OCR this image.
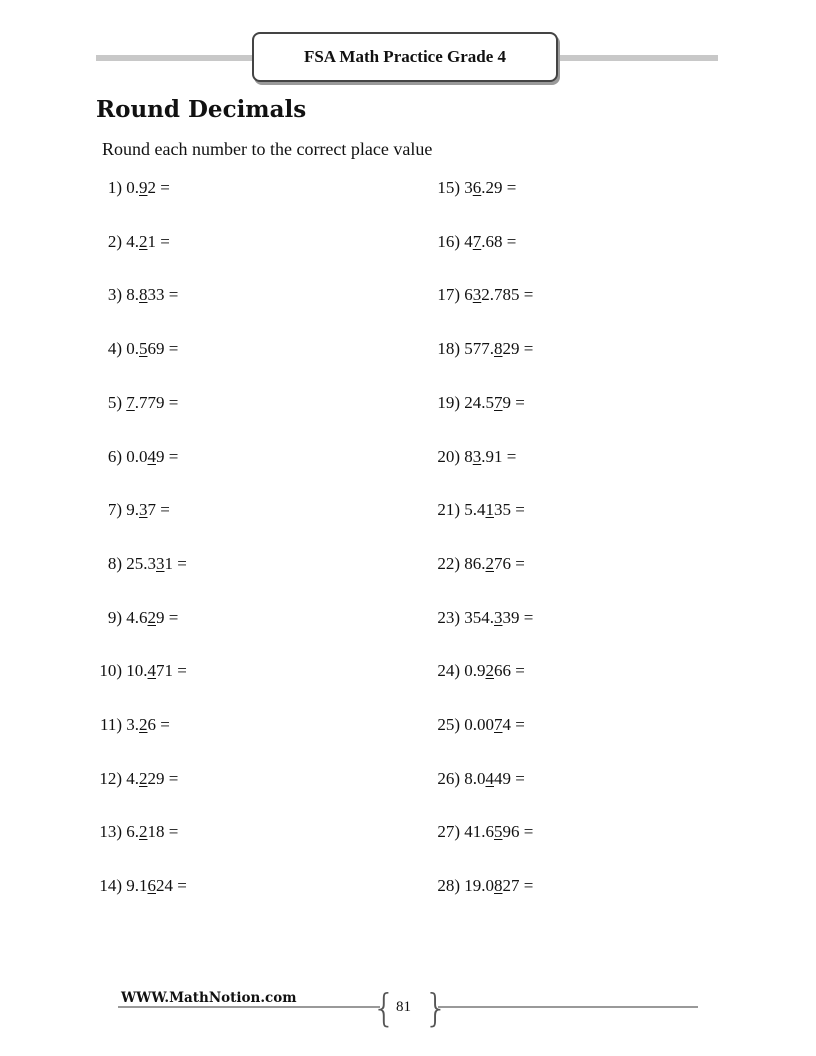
FSA Math Practice Grade 4
Round Decimals
Round each number to the correct place value
1) 0.92 =
2) 4.21 =
3) 8.833 =
4) 0.569 =
5) 7.779 =
6) 0.049 =
7) 9.37 =
8) 25.331 =
9) 4.629 =
10) 10.471 =
11) 3.26 =
12) 4.229 =
13) 6.218 =
14) 9.1624 =
15) 36.29 =
16) 47.68 =
17) 632.785 =
18) 577.829 =
19) 24.579 =
20) 83.91 =
21) 5.4135 =
22) 86.276 =
23) 354.339 =
24) 0.9266 =
25) 0.0074 =
26) 8.0449 =
27) 41.6596 =
28) 19.0827 =
WWW.MathNotion.com { }
81
